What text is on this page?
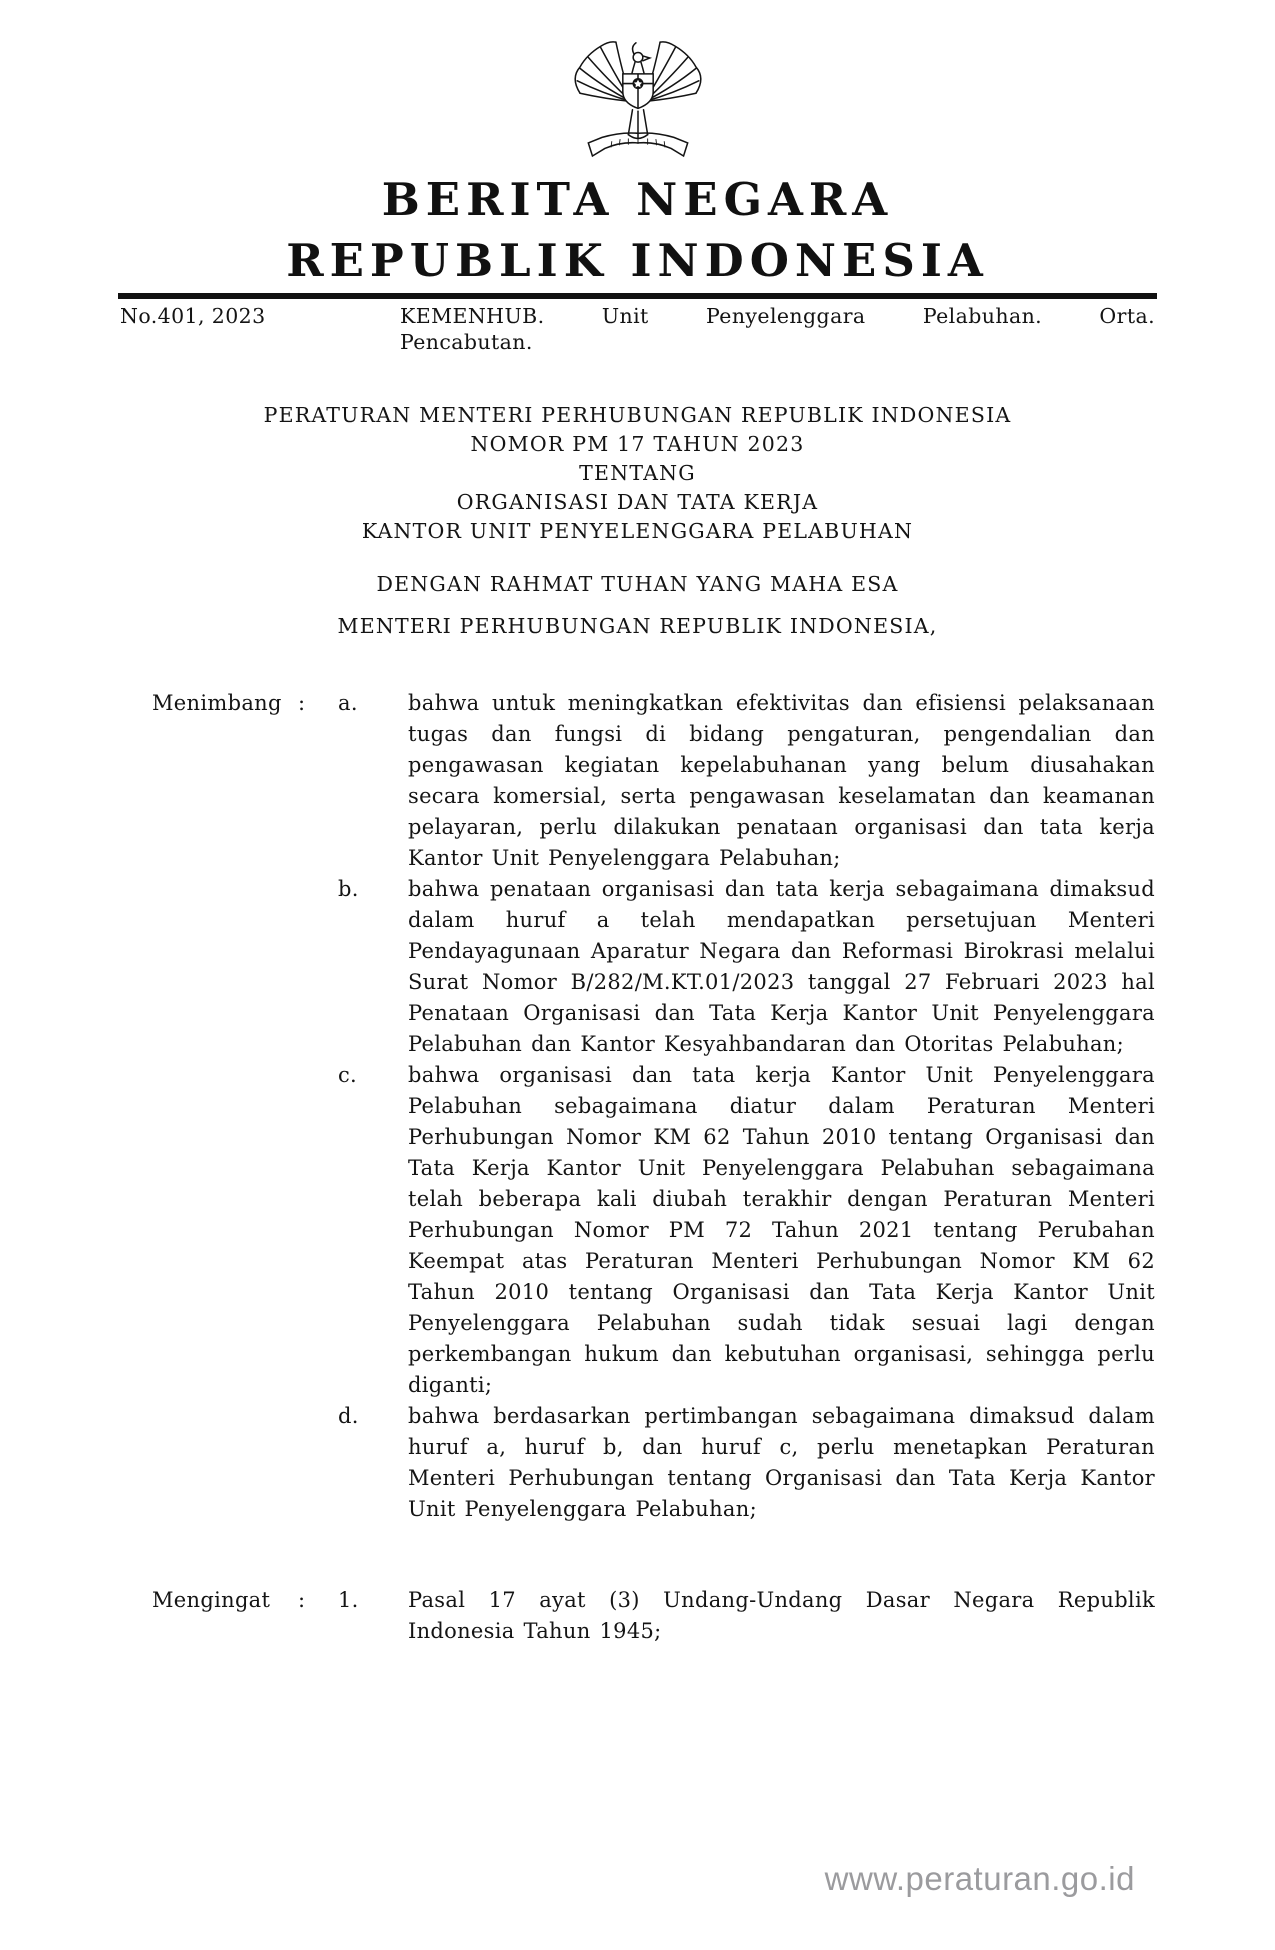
BERITA NEGARA
REPUBLIK INDONESIA
No.401, 2023	KEMENHUB. Unit Penyelenggara Pelabuhan. Orta.
Pencabutan.
PERATURAN MENTERI PERHUBUNGAN REPUBLIK INDONESIA
NOMOR PM 17 TAHUN 2023
TENTANG
ORGANISASI DAN TATA KERJA
KANTOR UNIT PENYELENGGARA PELABUHAN
DENGAN RAHMAT TUHAN YANG MAHA ESA
MENTERI PERHUBUNGAN REPUBLIK INDONESIA,
Menimbang :	a.	bahwa untuk meningkatkan efektivitas dan efisiensi pelaksanaan tugas dan fungsi di bidang pengaturan, pengendalian dan pengawasan kegiatan kepelabuhanan yang belum diusahakan secara komersial, serta pengawasan keselamatan dan keamanan pelayaran, perlu dilakukan penataan organisasi dan tata kerja Kantor Unit Penyelenggara Pelabuhan;
b.	bahwa penataan organisasi dan tata kerja sebagaimana dimaksud dalam huruf a telah mendapatkan persetujuan Menteri Pendayagunaan Aparatur Negara dan Reformasi Birokrasi melalui Surat Nomor B/282/M.KT.01/2023 tanggal 27 Februari 2023 hal Penataan Organisasi dan Tata Kerja Kantor Unit Penyelenggara Pelabuhan dan Kantor Kesyahbandaran dan Otoritas Pelabuhan;
c.	bahwa organisasi dan tata kerja Kantor Unit Penyelenggara Pelabuhan sebagaimana diatur dalam Peraturan Menteri Perhubungan Nomor KM 62 Tahun 2010 tentang Organisasi dan Tata Kerja Kantor Unit Penyelenggara Pelabuhan sebagaimana telah beberapa kali diubah terakhir dengan Peraturan Menteri Perhubungan Nomor PM 72 Tahun 2021 tentang Perubahan Keempat atas Peraturan Menteri Perhubungan Nomor KM 62 Tahun 2010 tentang Organisasi dan Tata Kerja Kantor Unit Penyelenggara Pelabuhan sudah tidak sesuai lagi dengan perkembangan hukum dan kebutuhan organisasi, sehingga perlu diganti;
d.	bahwa berdasarkan pertimbangan sebagaimana dimaksud dalam huruf a, huruf b, dan huruf c, perlu menetapkan Peraturan Menteri Perhubungan tentang Organisasi dan Tata Kerja Kantor Unit Penyelenggara Pelabuhan;
Mengingat	:	1.	Pasal 17 ayat (3) Undang-Undang Dasar Negara Republik Indonesia Tahun 1945;
www.peraturan.go.id
